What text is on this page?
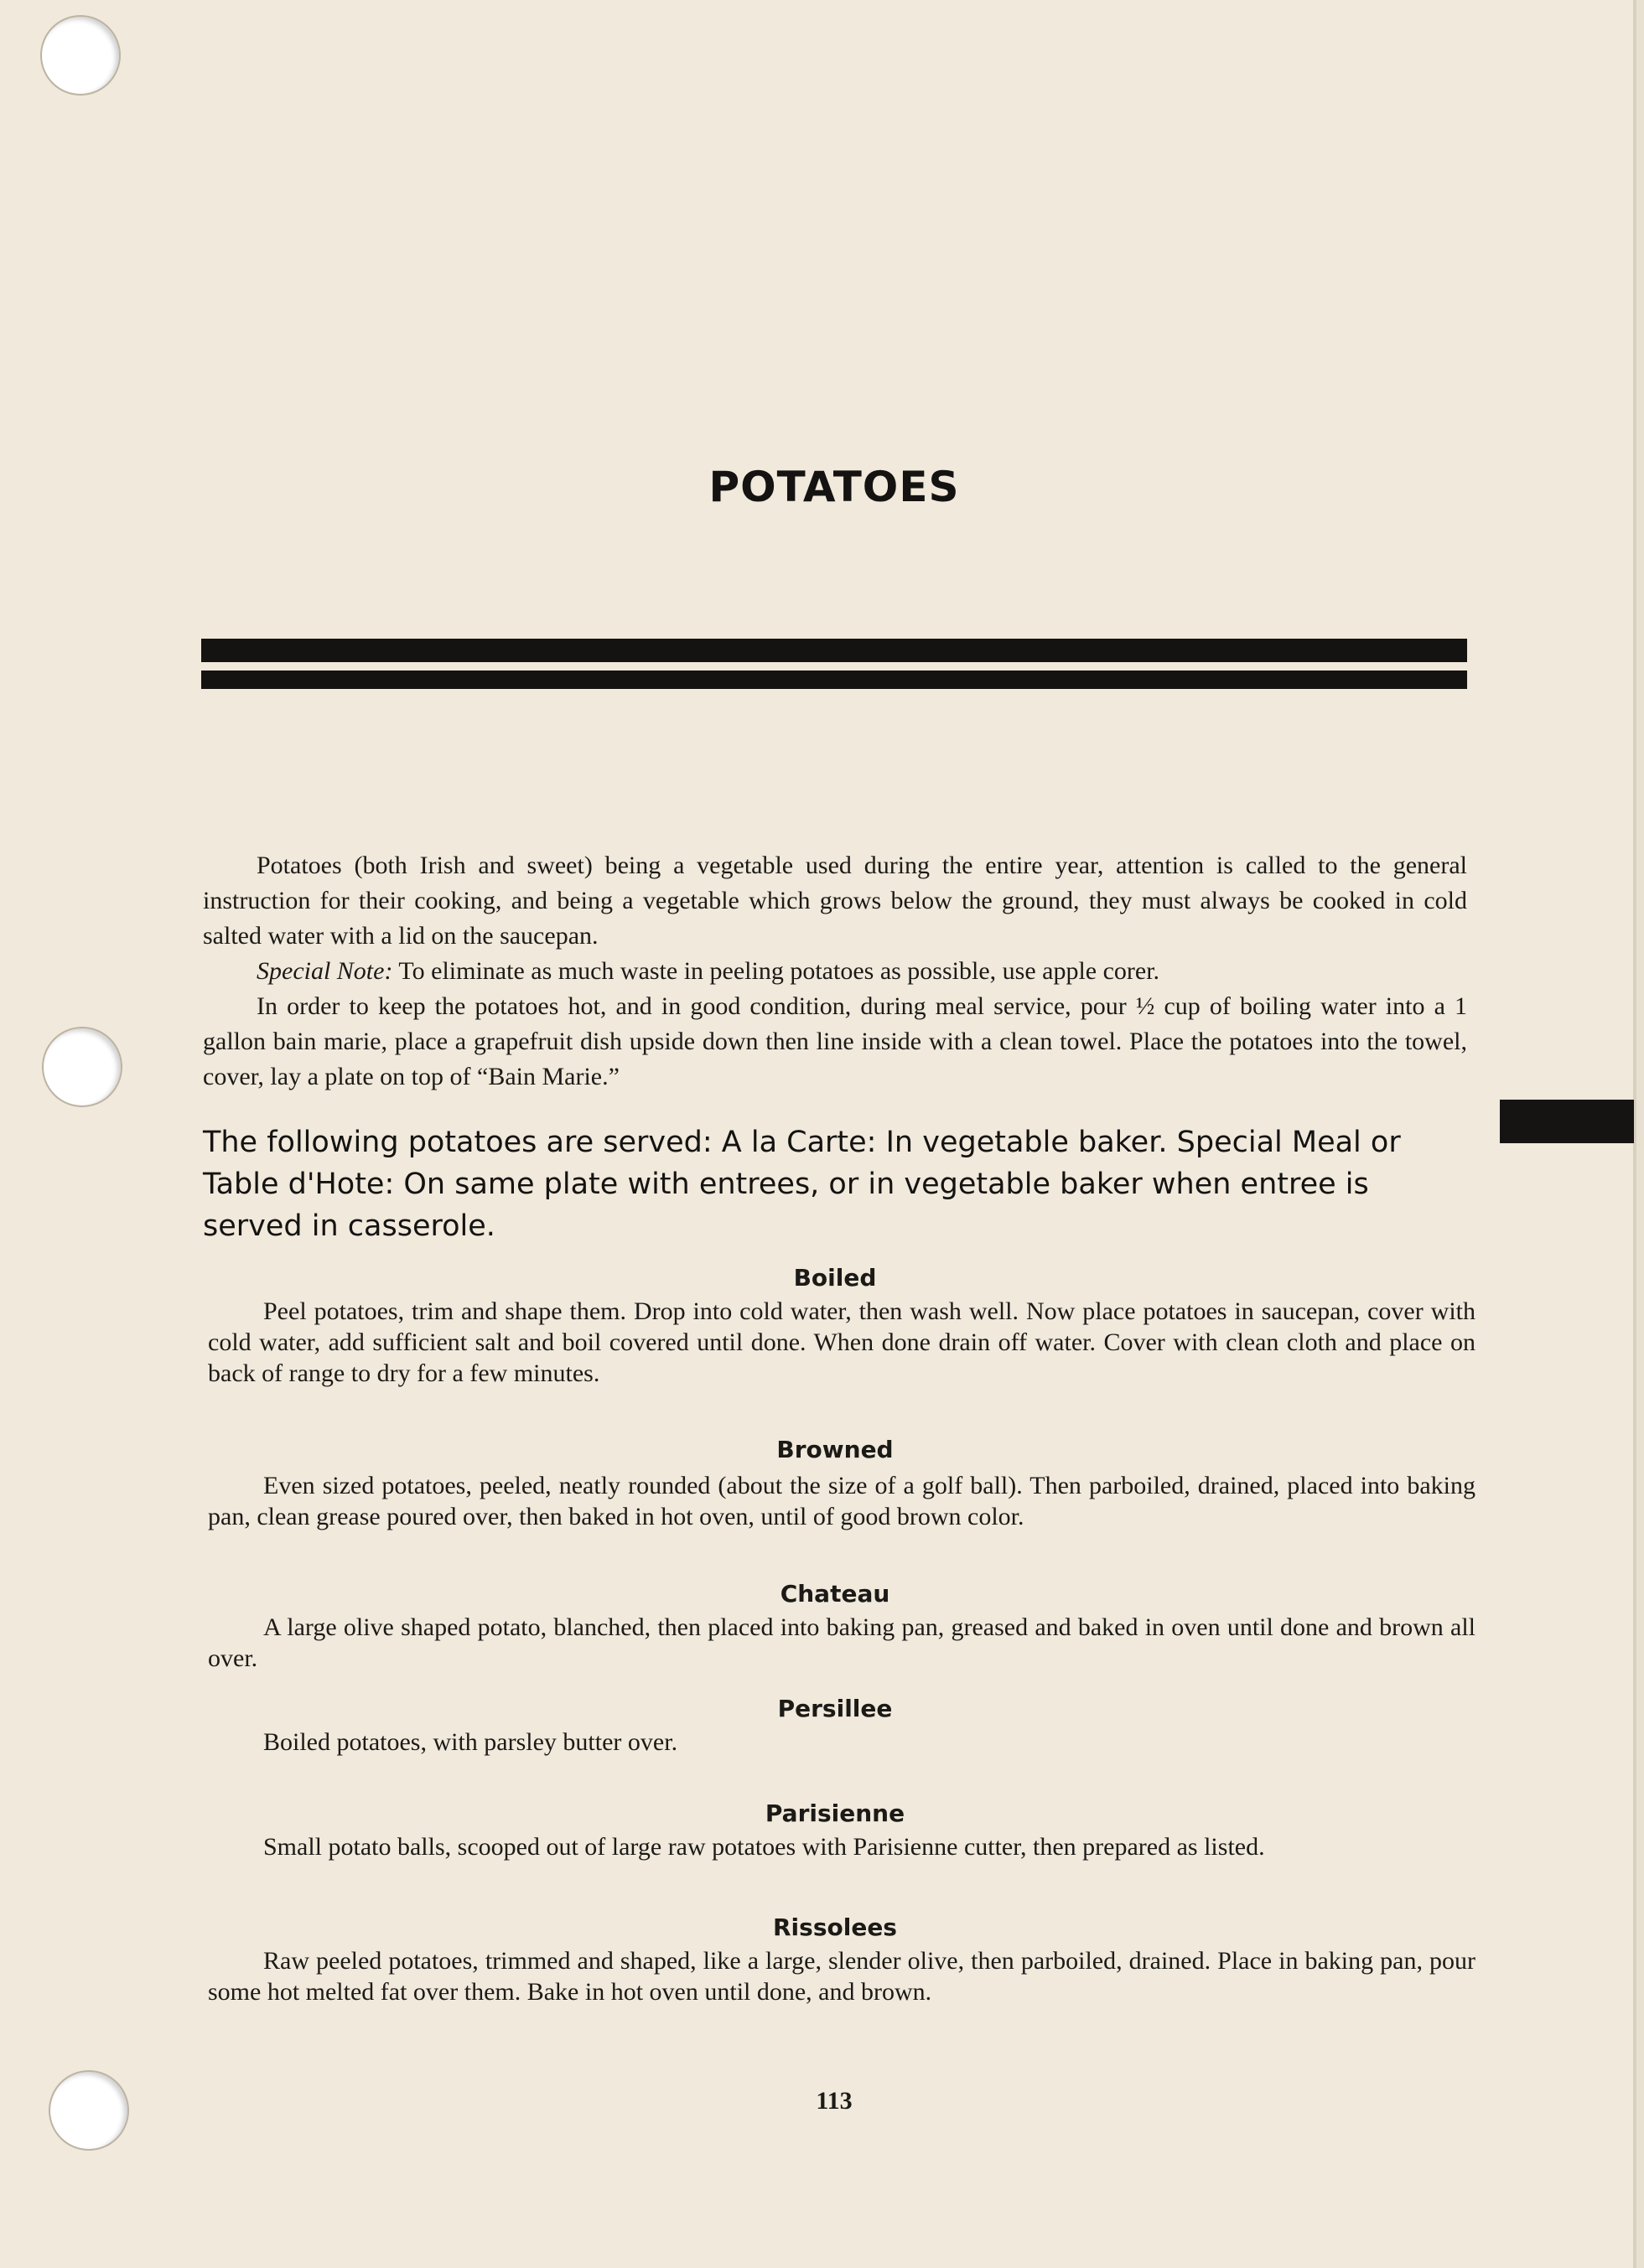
POTATOES

Potatoes (both Irish and sweet) being a vegetable used during the entire year, attention is called to the general instruction for their cooking, and being a vegetable which grows below the ground, they must always be cooked in cold salted water with a lid on the saucepan.

Special Note: To eliminate as much waste in peeling potatoes as possible, use apple corer.

In order to keep the potatoes hot, and in good condition, during meal service, pour ½ cup of boiling water into a 1 gallon bain marie, place a grapefruit dish upside down then line inside with a clean towel. Place the potatoes into the towel, cover, lay a plate on top of “Bain Marie.”

The following potatoes are served: A la Carte: In vegetable baker. Special Meal or Table d'Hote: On same plate with entrees, or in vegetable baker when entree is served in casserole.

Boiled

Peel potatoes, trim and shape them. Drop into cold water, then wash well. Now place potatoes in saucepan, cover with cold water, add sufficient salt and boil covered until done. When done drain off water. Cover with clean cloth and place on back of range to dry for a few minutes.

Browned

Even sized potatoes, peeled, neatly rounded (about the size of a golf ball). Then parboiled, drained, placed into baking pan, clean grease poured over, then baked in hot oven, until of good brown color.

Chateau

A large olive shaped potato, blanched, then placed into baking pan, greased and baked in oven until done and brown all over.

Persillee

Boiled potatoes, with parsley butter over.

Parisienne

Small potato balls, scooped out of large raw potatoes with Parisienne cutter, then prepared as listed.

Rissolees

Raw peeled potatoes, trimmed and shaped, like a large, slender olive, then parboiled, drained. Place in baking pan, pour some hot melted fat over them. Bake in hot oven until done, and brown.

113
